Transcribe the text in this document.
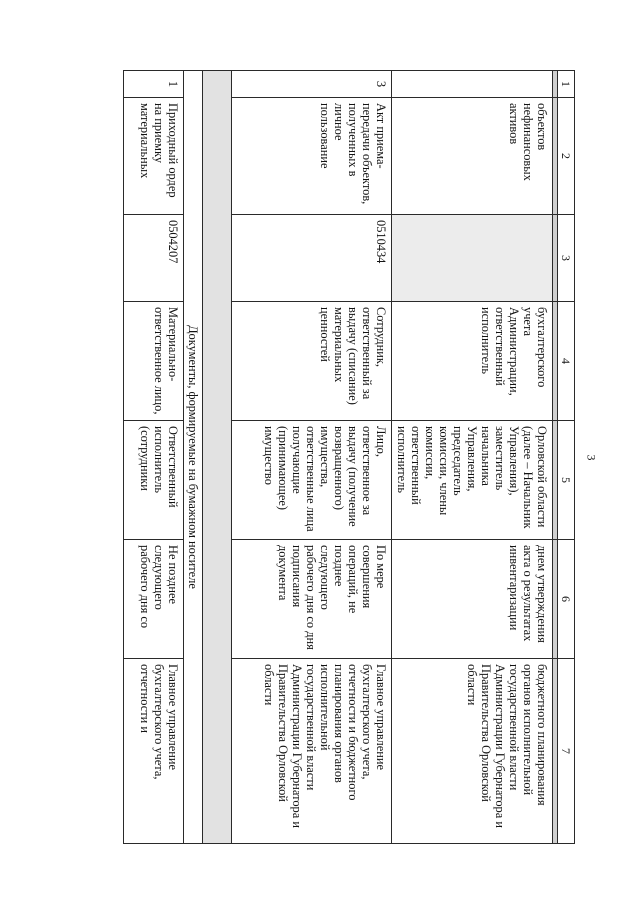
3
1	2	3	4	5	6	7

	объектов нефинансовых активов		бухгалтерского учета Администрации, ответственный исполнитель	Орловской области (далее – Начальник Управления), заместитель начальника Управления, председатель комиссии, члены комиссии, ответственный исполнитель	днем утверждения акта о результатах инвентаризации	бюджетного планирования органов исполнительной государственной власти Администрации Губернатора и Правительства Орловской области
3	Акт приема-передачи объектов, полученных в личное пользование	0510434	Сотрудник, ответственный за выдачу (списание) материальных ценностей	Лицо, ответственное за выдачу (получение возвращенного) имущества, ответственные лица получающие (принимающее) имущество	По мере совершения операций, не позднее следующего рабочего дня со дня подписания документа	Главное управление бухгалтерского учета, отчетности и бюджетного планирования органов исполнительной государственной власти Администрации Губернатора и Правительства Орловской области

Документы, формируемые на бумажном носителе						
1	Приходный ордер на приемку материальных	0504207	Материально-ответственное лицо,	Ответственный исполнитель (сотрудники	Не позднее следующего рабочего дня со	Главное управление бухгалтерского учета, отчетности и
